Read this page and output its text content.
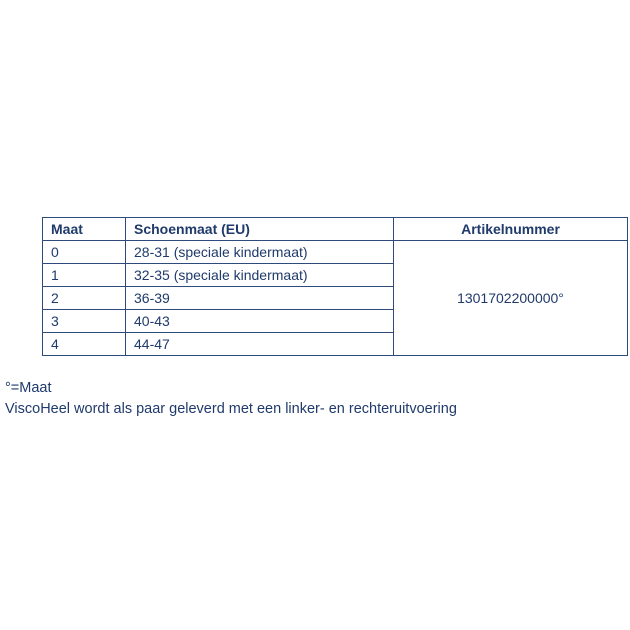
Maat	Schoenmaat (EU)	Artikelnummer
0	28-31 (speciale kindermaat)	1301702200000°
1	32-35 (speciale kindermaat)	
2	36-39	
3	40-43	
4	44-47	
°=Maat
ViscoHeel wordt als paar geleverd met een linker- en rechteruitvoering
